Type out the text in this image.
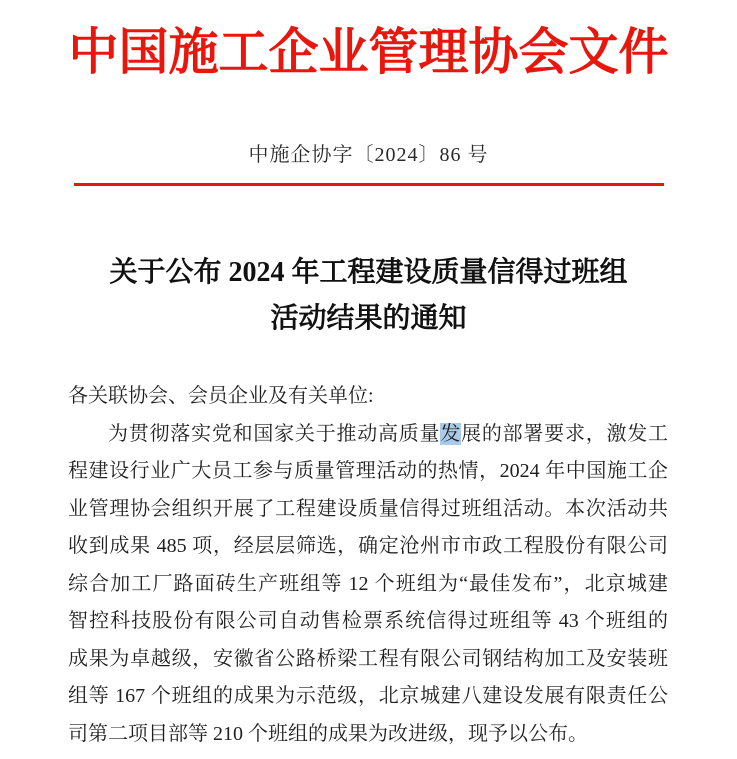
中国施工企业管理协会文件
中施企协字〔2024〕86 号
关于公布 2024 年工程建设质量信得过班组
活动结果的通知
各关联协会、会员企业及有关单位:
为贯彻落实党和国家关于推动高质量发展的部署要求，激发工
程建设行业广大员工参与质量管理活动的热情，2024 年中国施工企
业管理协会组织开展了工程建设质量信得过班组活动。本次活动共
收到成果 485 项，经层层筛选，确定沧州市市政工程股份有限公司
综合加工厂路面砖生产班组等 12 个班组为“最佳发布”，北京城建
智控科技股份有限公司自动售检票系统信得过班组等 43 个班组的
成果为卓越级，安徽省公路桥梁工程有限公司钢结构加工及安装班
组等 167 个班组的成果为示范级，北京城建八建设发展有限责任公
司第二项目部等 210 个班组的成果为改进级，现予以公布。
